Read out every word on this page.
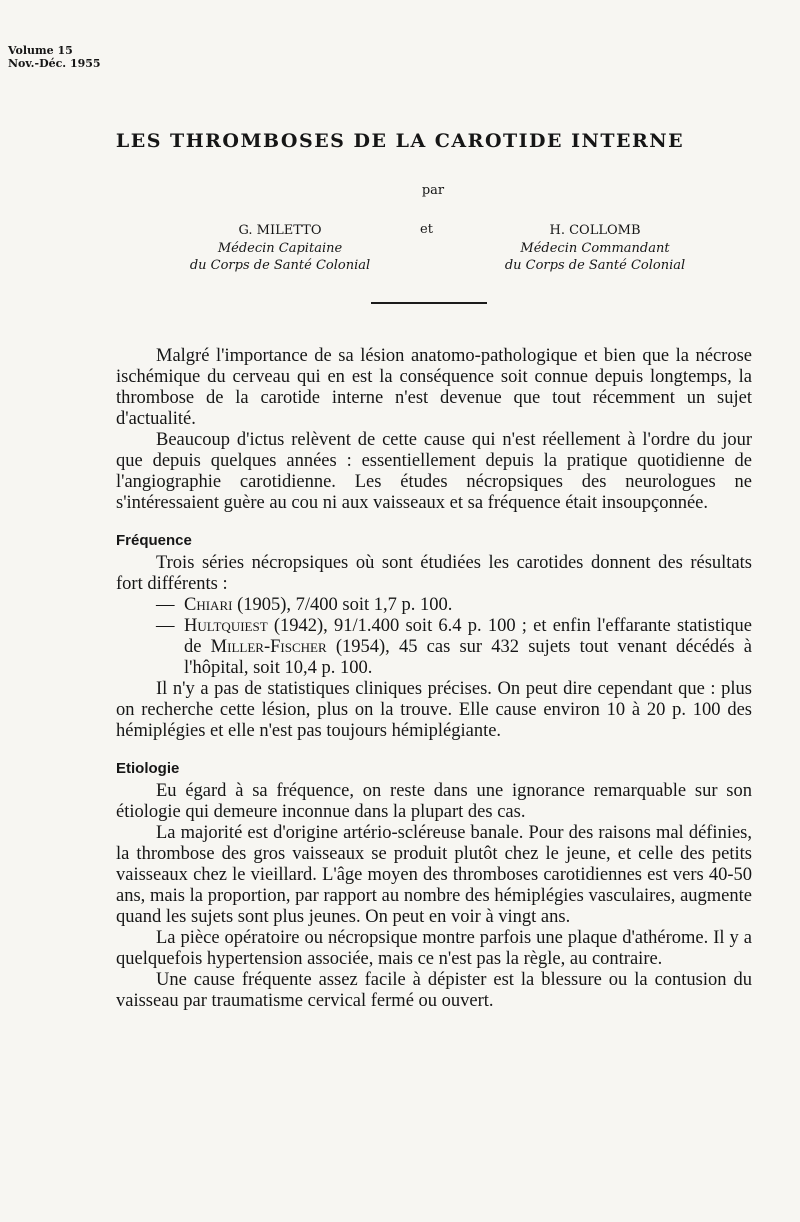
Volume 15
Nov.-Déc. 1955
LES THROMBOSES DE LA CAROTIDE INTERNE
par
G. MILETTO
Médecin Capitaine
du Corps de Santé Colonial
et	H. COLLOMB
Médecin Commandant
du Corps de Santé Colonial

Malgré l'importance de sa lésion anatomo-pathologique et bien que la nécrose ischémique du cerveau qui en est la conséquence soit connue depuis longtemps, la thrombose de la carotide interne n'est devenue que tout récemment un sujet d'actualité.

Beaucoup d'ictus relèvent de cette cause qui n'est réellement à l'ordre du jour que depuis quelques années : essentiellement depuis la pratique quotidienne de l'angiographie carotidienne. Les études nécropsiques des neurologues ne s'intéressaient guère au cou ni aux vaisseaux et sa fréquence était insoupçonnée.

Fréquence

Trois séries nécropsiques où sont étudiées les carotides donnent des résultats fort différents :

— Chiari (1905), 7/400 soit 1,7 p. 100.
— Hultquiest (1942), 91/1.400 soit 6.4 p. 100 ; et enfin l'effarante statistique de Miller-Fischer (1954), 45 cas sur 432 sujets tout venant décédés à l'hôpital, soit 10,4 p. 100.

Il n'y a pas de statistiques cliniques précises. On peut dire cependant que : plus on recherche cette lésion, plus on la trouve. Elle cause environ 10 à 20 p. 100 des hémiplégies et elle n'est pas toujours hémiplégiante.

Etiologie

Eu égard à sa fréquence, on reste dans une ignorance remarquable sur son étiologie qui demeure inconnue dans la plupart des cas.

La majorité est d'origine artério-scléreuse banale. Pour des raisons mal définies, la thrombose des gros vaisseaux se produit plutôt chez le jeune, et celle des petits vaisseaux chez le vieillard. L'âge moyen des thromboses carotidiennes est vers 40-50 ans, mais la proportion, par rapport au nombre des hémiplégies vasculaires, augmente quand les sujets sont plus jeunes. On peut en voir à vingt ans.

La pièce opératoire ou nécropsique montre parfois une plaque d'athérome. Il y a quelquefois hypertension associée, mais ce n'est pas la règle, au contraire.

Une cause fréquente assez facile à dépister est la blessure ou la contusion du vaisseau par traumatisme cervical fermé ou ouvert.
